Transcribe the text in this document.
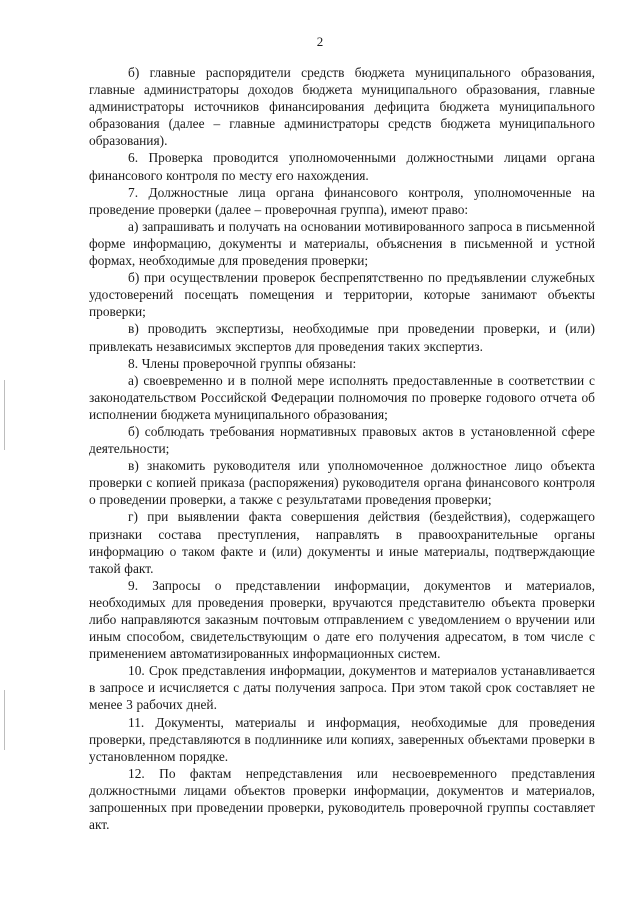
2

б) главные распорядители средств бюджета муниципального образования, главные администраторы доходов бюджета муниципального образования, главные администраторы источников финансирования дефицита бюджета муниципального образования (далее – главные администраторы средств бюджета муниципального образования).

6. Проверка проводится уполномоченными должностными лицами органа финансового контроля по месту его нахождения.

7. Должностные лица органа финансового контроля, уполномоченные на проведение проверки (далее – проверочная группа), имеют право:

а) запрашивать и получать на основании мотивированного запроса в письменной форме информацию, документы и материалы, объяснения в письменной и устной формах, необходимые для проведения проверки;

б) при осуществлении проверок беспрепятственно по предъявлении служебных удостоверений посещать помещения и территории, которые занимают объекты проверки;

в) проводить экспертизы, необходимые при проведении проверки, и (или) привлекать независимых экспертов для проведения таких экспертиз.

8. Члены проверочной группы обязаны:

а) своевременно и в полной мере исполнять предоставленные в соответствии с законодательством Российской Федерации полномочия по проверке годового отчета об исполнении бюджета муниципального образования;

б) соблюдать требования нормативных правовых актов в установленной сфере деятельности;

в) знакомить руководителя или уполномоченное должностное лицо объекта проверки с копией приказа (распоряжения) руководителя органа финансового контроля о проведении проверки, а также с результатами проведения проверки;

г) при выявлении факта совершения действия (бездействия), содержащего признаки состава преступления, направлять в правоохранительные органы информацию о таком факте и (или) документы и иные материалы, подтверждающие такой факт.

9. Запросы о представлении информации, документов и материалов, необходимых для проведения проверки, вручаются представителю объекта проверки либо направляются заказным почтовым отправлением с уведомлением о вручении или иным способом, свидетельствующим о дате его получения адресатом, в том числе с применением автоматизированных информационных систем.

10. Срок представления информации, документов и материалов устанавливается в запросе и исчисляется с даты получения запроса. При этом такой срок составляет не менее 3 рабочих дней.

11. Документы, материалы и информация, необходимые для проведения проверки, представляются в подлиннике или копиях, заверенных объектами проверки в установленном порядке.

12. По фактам непредставления или несвоевременного представления должностными лицами объектов проверки информации, документов и материалов, запрошенных при проведении проверки, руководитель проверочной группы составляет акт.
